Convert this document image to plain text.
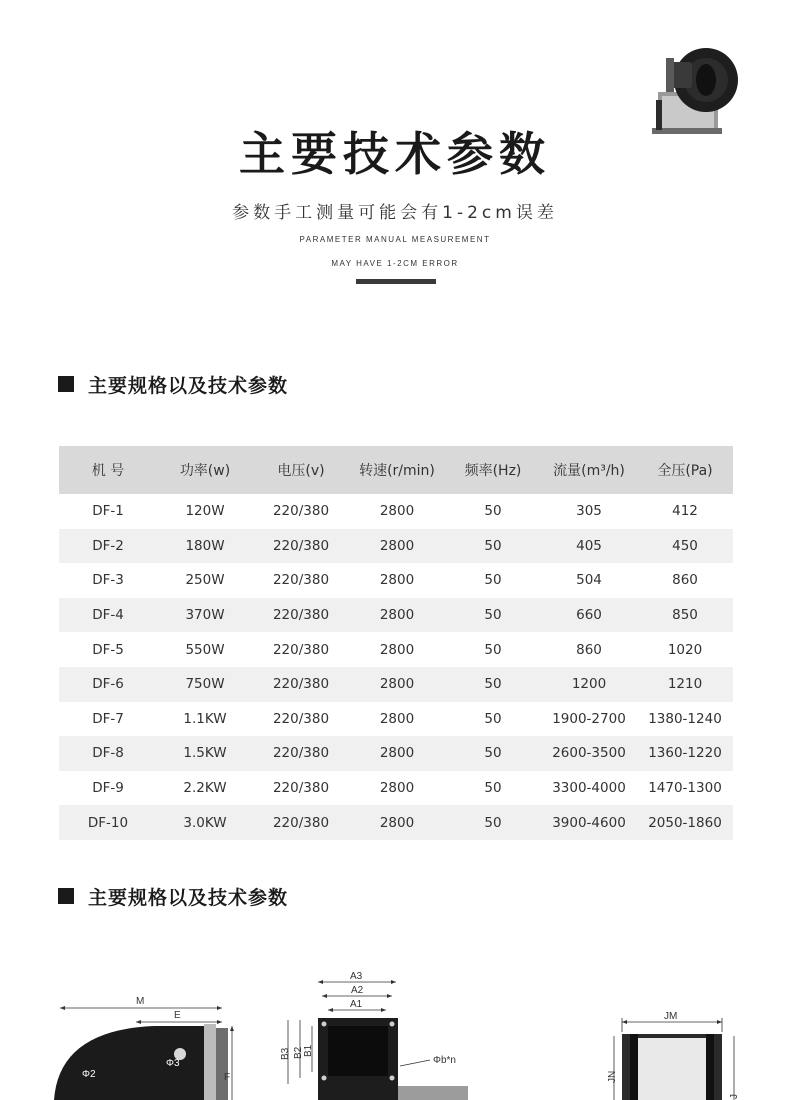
主要技术参数
参数手工测量可能会有1-2cm误差
PARAMETER MANUAL MEASUREMENT
MAY HAVE 1-2CM ERROR
主要规格以及技术参数
机 号	功率(w)	电压(v)	转速(r/min)	频率(Hz)	流量(m³/h)	全压(Pa)
DF-1	120W	220/380	2800	50	305	412
DF-2	180W	220/380	2800	50	405	450
DF-3	250W	220/380	2800	50	504	860
DF-4	370W	220/380	2800	50	660	850
DF-5	550W	220/380	2800	50	860	1020
DF-6	750W	220/380	2800	50	1200	1210
DF-7	1.1KW	220/380	2800	50	1900-2700	1380-1240
DF-8	1.5KW	220/380	2800	50	2600-3500	1360-1220
DF-9	2.2KW	220/380	2800	50	3300-4000	1470-1300
DF-10	3.0KW	220/380	2800	50	3900-4600	2050-1860
主要规格以及技术参数
M
E
F
Φ2
Φ3
A3
A2
A1
B3 B2 B1
Φb*n
JM
JN
J
